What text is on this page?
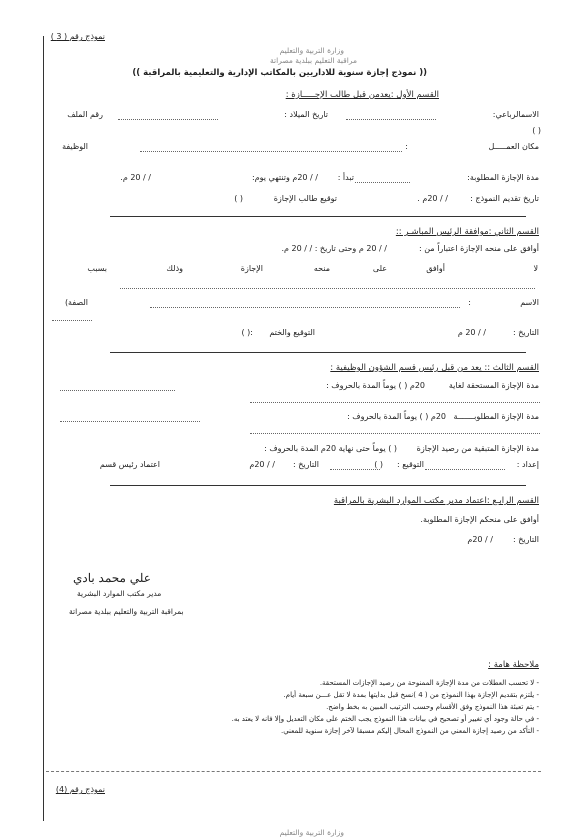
نموذج رقم ( 3 )
وزارة التربية والتعليم
مراقبة التعليم ببلدية مصراتة
(( نموذج إجازة سنوية للاداريين بالمكاتب الإدارية والتعليمية بالمراقبة ))
القسم الأول :يعدمن قبل طالب الإجـــــازة :
الاسمالرباعي:
تاريخ الميلاد :
رقم الملف
( )
مكان العمـــــل
:
الوظيفة
مدة الإجازة المطلوبة:
تبدأ :
/ / 20م وتنتهي يوم:
/ / 20 م.
تاريخ تقديم النموذج :
/ / 20م .
توقيع طالب الإجازة
( )
القسم الثاني :موافقة الرئيس المباشـر ::
أوافق على منحه الإجازة اعتباراً من :
/ / 20 م وحتى تاريخ : / / 20 م.
لا
أوافق
على
منحه
الإجازة
وذلك
بسبب
الاسم
:
الصفة)
التاريخ :
/ / 20 م
التوقيع والختم
:( )
القسم الثالث :: يعد من قبل رئيس قسم الشؤون الوظيفية :
مدة الإجازة المستحقة لغاية
20م ( ) يوماً المدة بالحروف :
مدة الإجازة المطلوبـــــــة
20م ( ) يوماً المدة بالحروف :
مدة الإجازة المتبقية من رصيد الإجازة
( ) يوماً حتى نهاية 20م المدة بالحروف :
إعداد :
التوقيع :
( )
التاريخ :
/ / 20م
اعتماد رئيس قسم
القسم الرابـع :اعتماد مدير مكتب الموارد البشرية بالمراقبة
أوافق على منحكم الإجازة المطلوبة.
التاريخ :
/ / 20م
علي محمد بادي
مدير مكتب الموارد البشرية
بمراقبة التربية والتعليم ببلدية مصراتة
ملاحظة هامة :
- لا تحسب العطلات من مدة الإجازة الممنوحة من رصيد الإجازات المستحقة.
- يلتزم بتقديم الإجازة بهذا النموذج من ( 4 )نسخ قبل بدايتها بمدة لا تقل عـــن سبعة أيام.
- يتم تعبئة هذا النموذج وفق الأقسام وحسب الترتيب المبين به بخط واضح.
- في حالة وجود أي تغيير أو تصحيح في بيانات هذا النموذج يجب الختم على مكان التعديل وإلا فانه لا يعتد به.
- التأكد من رصيد إجازة المعني من النموذج المحال إليكم مسبقا لآخر إجازة سنوية للمعني.
نموذج رقم (4)
وزارة التربية والتعليم
